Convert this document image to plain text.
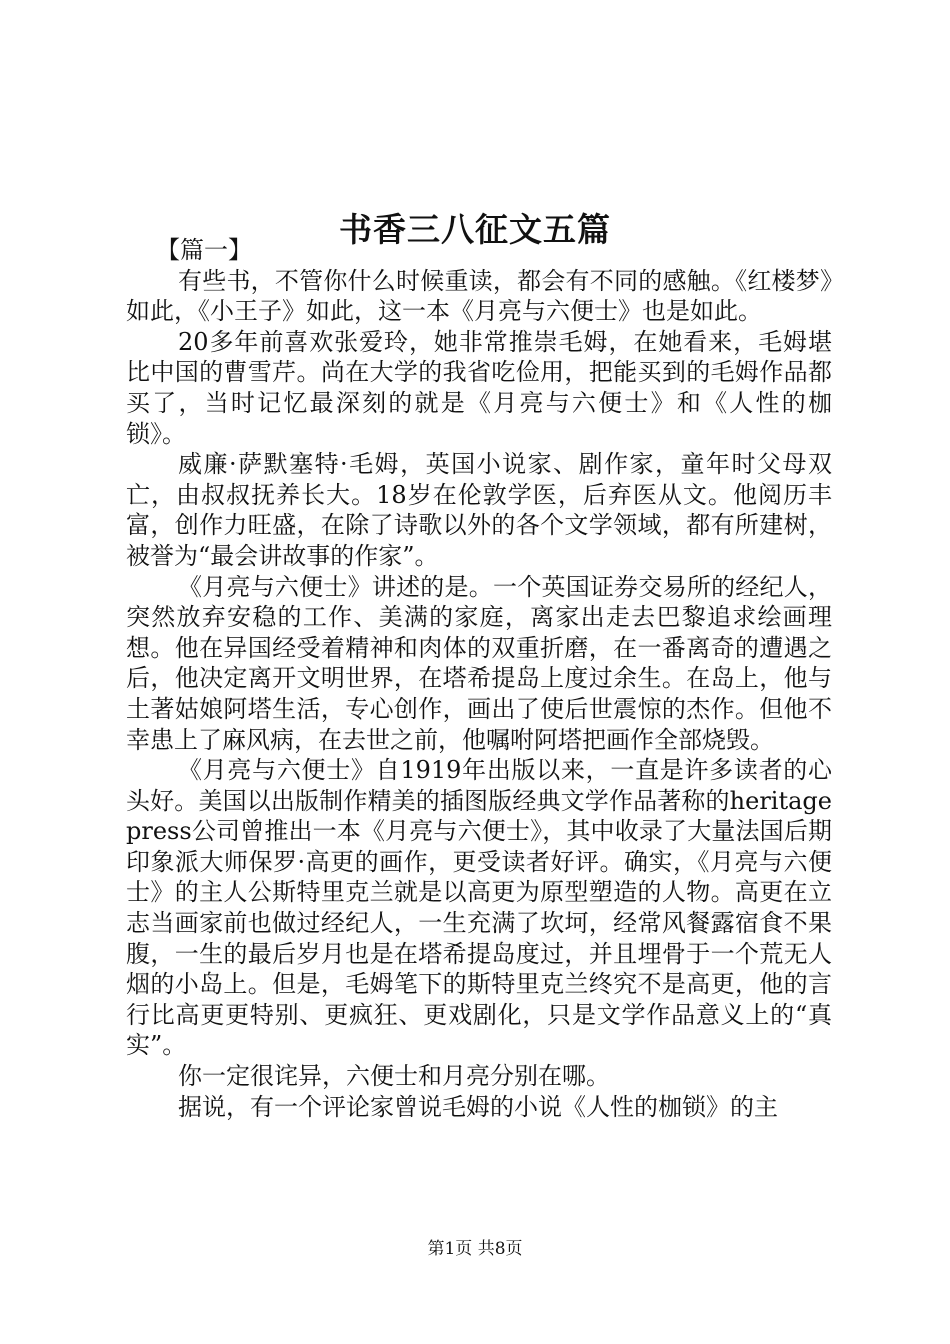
书香三八征文五篇

【篇一】

有些书，不管你什么时候重读，都会有不同的感触。《红楼梦》如此，《小王子》如此，这一本《月亮与六便士》也是如此。

20多年前喜欢张爱玲，她非常推崇毛姆，在她看来，毛姆堪比中国的曹雪芹。尚在大学的我省吃俭用，把能买到的毛姆作品都买了，当时记忆最深刻的就是《月亮与六便士》和《人性的枷锁》。

威廉·萨默塞特·毛姆，英国小说家、剧作家，童年时父母双亡，由叔叔抚养长大。18岁在伦敦学医，后弃医从文。他阅历丰富，创作力旺盛，在除了诗歌以外的各个文学领域，都有所建树，被誉为“最会讲故事的作家”。

《月亮与六便士》讲述的是。一个英国证券交易所的经纪人，突然放弃安稳的工作、美满的家庭，离家出走去巴黎追求绘画理想。他在异国经受着精神和肉体的双重折磨，在一番离奇的遭遇之后，他决定离开文明世界，在塔希提岛上度过余生。在岛上，他与土著姑娘阿塔生活，专心创作，画出了使后世震惊的杰作。但他不幸患上了麻风病，在去世之前，他嘱咐阿塔把画作全部烧毁。

《月亮与六便士》自1919年出版以来，一直是许多读者的心头好。美国以出版制作精美的插图版经典文学作品著称的heritagepress公司曾推出一本《月亮与六便士》，其中收录了大量法国后期印象派大师保罗·高更的画作，更受读者好评。确实，《月亮与六便士》的主人公斯特里克兰就是以高更为原型塑造的人物。高更在立志当画家前也做过经纪人，一生充满了坎坷，经常风餐露宿食不果腹，一生的最后岁月也是在塔希提岛度过，并且埋骨于一个荒无人烟的小岛上。但是，毛姆笔下的斯特里克兰终究不是高更，他的言行比高更更特别、更疯狂、更戏剧化，只是文学作品意义上的“真实”。

你一定很诧异，六便士和月亮分别在哪。

据说，有一个评论家曾说毛姆的小说《人性的枷锁》的主

第1页 共8页
